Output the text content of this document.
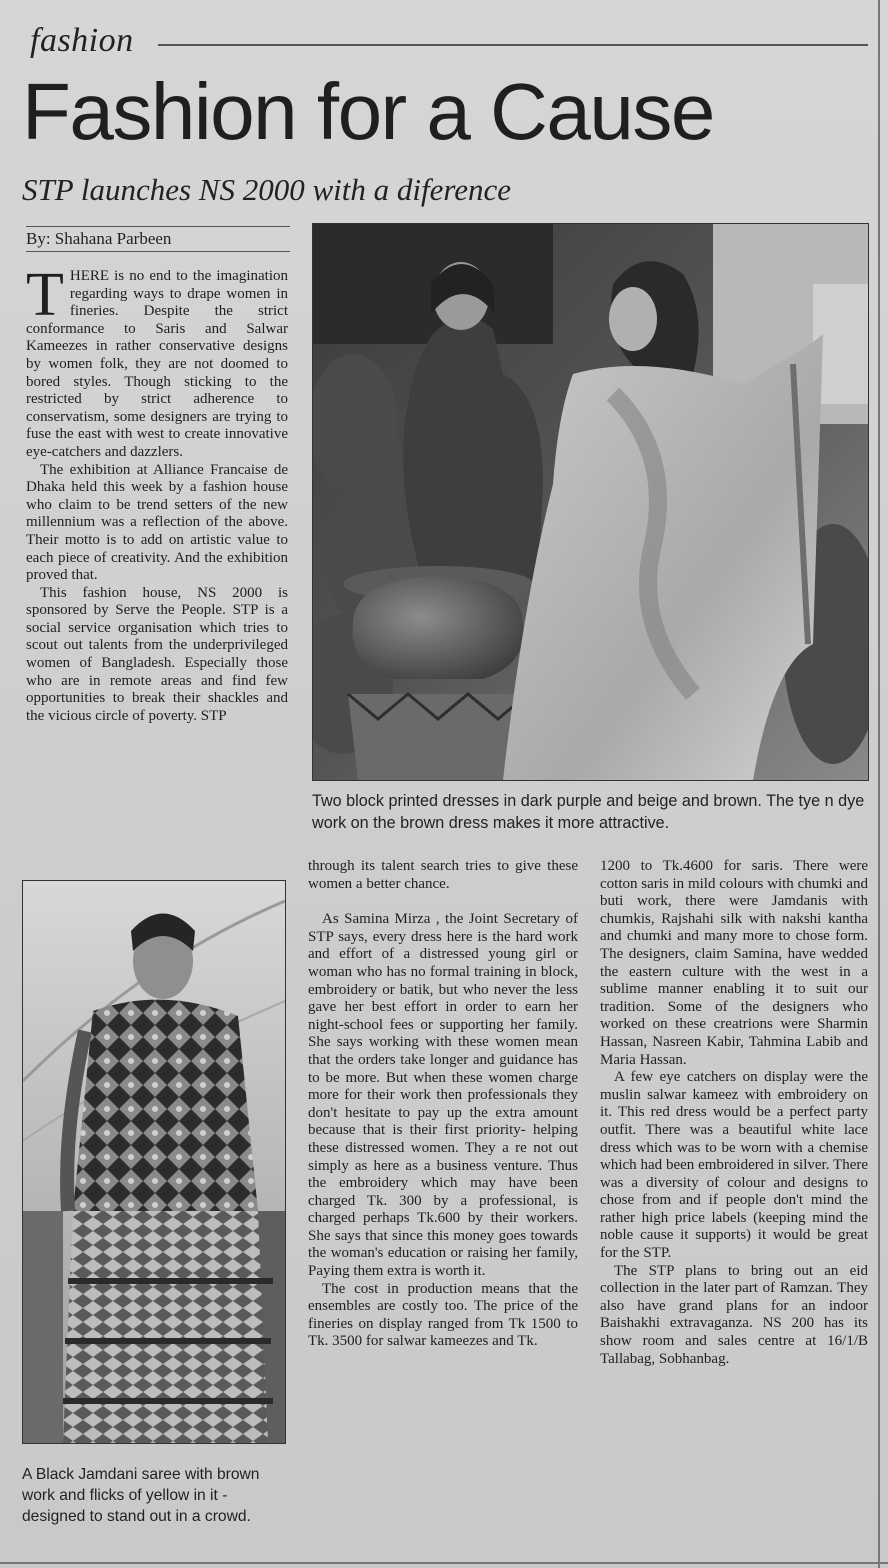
fashion
Fashion for a Cause
STP launches NS 2000 with a diference
By: Shahana Parbeen

THERE is no end to the imagination regarding ways to drape women in fineries. Despite the strict conformance to Saris and Salwar Kameezes in rather conservative designs by women folk, they are not doomed to bored styles. Though sticking to the restricted by strict adherence to conservatism, some designers are trying to fuse the east with west to create innovative eye-catchers and dazzlers.

The exhibition at Alliance Francaise de Dhaka held this week by a fashion house who claim to be trend setters of the new millennium was a reflection of the above. Their motto is to add on artistic value to each piece of creativity. And the exhibition proved that.

This fashion house, NS 2000 is sponsored by Serve the People. STP is a social service organisation which tries to scout out talents from the underprivileged women of Bangladesh. Especially those who are in remote areas and find few opportunities to break their shackles and the vicious circle of poverty. STP

Two block printed dresses in dark purple and beige and brown. The tye n dye work on the brown dress makes it more attractive.
A Black Jamdani saree with brown work and flicks of yellow in it - designed to stand out in a crowd.

through its talent search tries to give these women a better chance.

As Samina Mirza , the Joint Secretary of STP says, every dress here is the hard work and effort of a distressed young girl or woman who has no formal training in block, embroidery or batik, but who never the less gave her best effort in order to earn her night-school fees or supporting her family. She says working with these women mean that the orders take longer and guidance has to be more. But when these women charge more for their work then professionals they don't hesitate to pay up the extra amount because that is their first priority- helping these distressed women. They a re not out simply as here as a business venture. Thus the embroidery which may have been charged Tk. 300 by a professional, is charged perhaps Tk.600 by their workers. She says that since this money goes towards the woman's education or raising her family, Paying them extra is worth it.

The cost in production means that the ensembles are costly too. The price of the fineries on display ranged from Tk 1500 to Tk. 3500 for salwar kameezes and Tk.

1200 to Tk.4600 for saris. There were cotton saris in mild colours with chumki and buti work, there were Jamdanis with chumkis, Rajshahi silk with nakshi kantha and chumki and many more to chose form. The designers, claim Samina, have wedded the eastern culture with the west in a sublime manner enabling it to suit our tradition. Some of the designers who worked on these creatrions were Sharmin Hassan, Nasreen Kabir, Tahmina Labib and Maria Hassan.

A few eye catchers on display were the muslin salwar kameez with embroidery on it. This red dress would be a perfect party outfit. There was a beautiful white lace dress which was to be worn with a chemise which had been embroidered in silver. There was a diversity of colour and designs to chose from and if people don't mind the rather high price labels (keeping mind the noble cause it supports) it would be great for the STP.

The STP plans to bring out an eid collection in the later part of Ramzan. They also have grand plans for an indoor Baishakhi extravaganza. NS 200 has its show room and sales centre at 16/1/B Tallabag, Sobhanbag.
